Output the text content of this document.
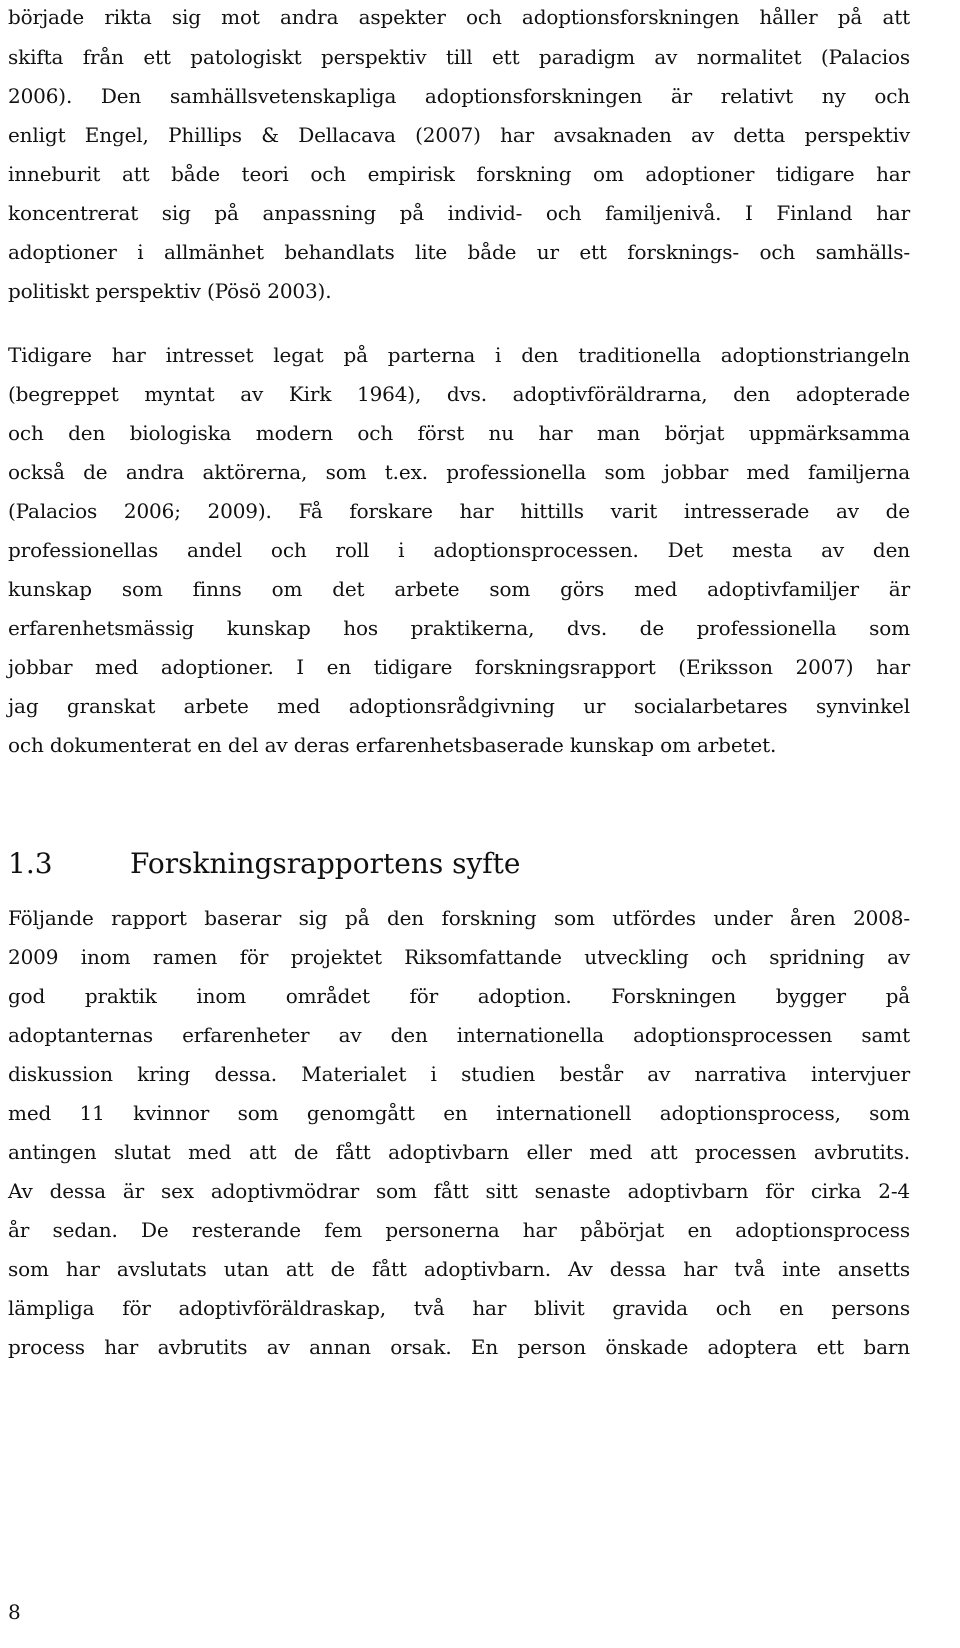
började rikta sig mot andra aspekter och adoptionsforskningen håller på att
skifta från ett patologiskt perspektiv till ett paradigm av normalitet (Palacios
2006). Den samhällsvetenskapliga adoptionsforskningen är relativt ny och
enligt Engel, Phillips & Dellacava (2007) har avsaknaden av detta perspektiv
inneburit att både teori och empirisk forskning om adoptioner tidigare har
koncentrerat sig på anpassning på individ- och familjenivå. I Finland har
adoptioner i allmänhet behandlats lite både ur ett forsknings- och samhälls-
politiskt perspektiv (Pösö 2003).
Tidigare har intresset legat på parterna i den traditionella adoptionstriangeln
(begreppet myntat av Kirk 1964), dvs. adoptivföräldrarna, den adopterade
och den biologiska modern och först nu har man börjat uppmärksamma
också de andra aktörerna, som t.ex. professionella som jobbar med familjerna
(Palacios 2006; 2009). Få forskare har hittills varit intresserade av de
professionellas andel och roll i adoptionsprocessen. Det mesta av den
kunskap som finns om det arbete som görs med adoptivfamiljer är
erfarenhetsmässig kunskap hos praktikerna, dvs. de professionella som
jobbar med adoptioner. I en tidigare forskningsrapport (Eriksson 2007) har
jag granskat arbete med adoptionsrådgivning ur socialarbetares synvinkel
och dokumenterat en del av deras erfarenhetsbaserade kunskap om arbetet.
1.3	Forskningsrapportens syfte
Följande rapport baserar sig på den forskning som utfördes under åren 2008-
2009 inom ramen för projektet Riksomfattande utveckling och spridning av
god praktik inom området för adoption. Forskningen bygger på
adoptanternas erfarenheter av den internationella adoptionsprocessen samt
diskussion kring dessa. Materialet i studien består av narrativa intervjuer
med 11 kvinnor som genomgått en internationell adoptionsprocess, som
antingen slutat med att de fått adoptivbarn eller med att processen avbrutits.
Av dessa är sex adoptivmödrar som fått sitt senaste adoptivbarn för cirka 2-4
år sedan. De resterande fem personerna har påbörjat en adoptionsprocess
som har avslutats utan att de fått adoptivbarn. Av dessa har två inte ansetts
lämpliga för adoptivföräldraskap, två har blivit gravida och en persons
process har avbrutits av annan orsak. En person önskade adoptera ett barn
8
